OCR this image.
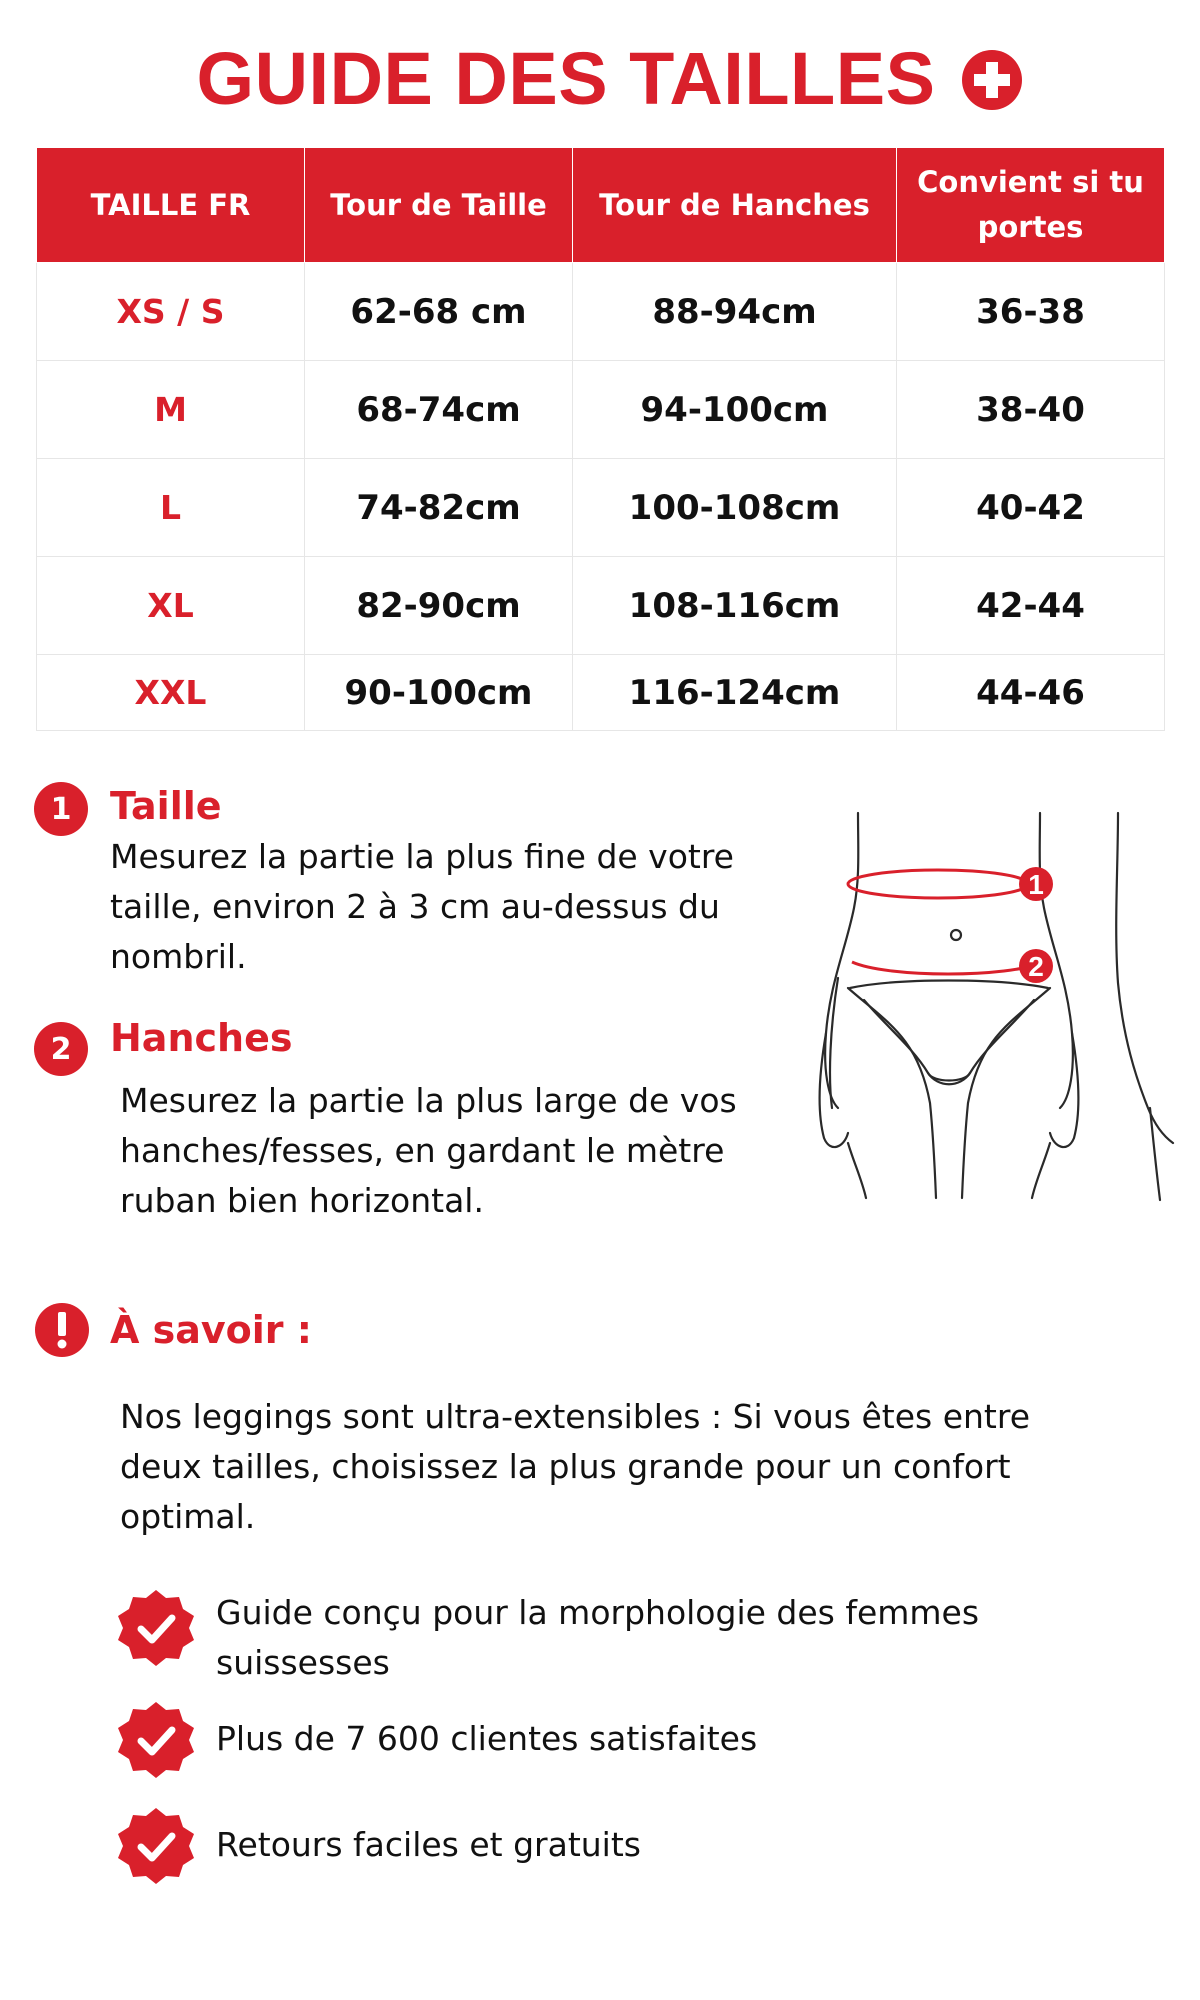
GUIDE DES TAILLES
TAILLE FR	Tour de Taille	Tour de Hanches	Convient si tu portes
XS / S	62-68 cm	88-94cm	36-38
M	68-74cm	94-100cm	38-40
L	74-82cm	100-108cm	40-42
XL	82-90cm	108-116cm	42-44
XXL	90-100cm	116-124cm	44-46
1	Taille

Mesurez la partie la plus fine de votre taille, environ 2 à 3 cm au-dessus du nombril.

2	Hanches

Mesurez la partie la plus large de vos hanches/fesses, en gardant le mètre ruban bien horizontal.

1
2
À savoir :

Nos leggings sont ultra-extensibles : Si vous êtes entre deux tailles, choisissez la plus grande pour un confort optimal.

Guide conçu pour la morphologie des femmes suissesses
Plus de 7 600 clientes satisfaites
Retours faciles et gratuits
